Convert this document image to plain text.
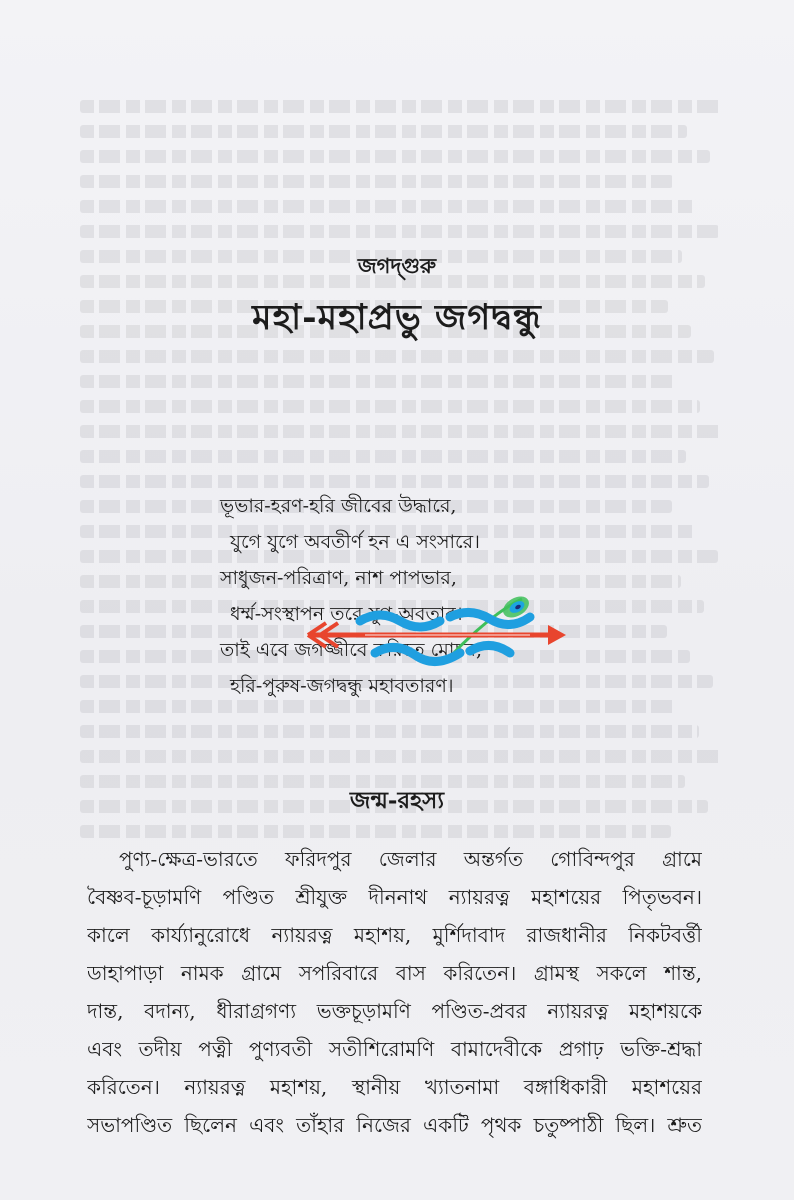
জগদ্গুরু
মহা-মহাপ্রভু জগদ্বন্ধু
ভূভার-হরণ-হরি জীবের উদ্ধারে,
যুগে যুগে অবতীর্ণ হন এ সংসারে।
সাধুজন-পরিত্রাণ, নাশ পাপভার,
ধর্ম্ম-সংস্থাপন তরে যুগ-অবতার।
তাই এবে জগজ্জীবে করিতে মোচন,
হরি-পুরুষ-জগদ্বন্ধু মহাবতারণ।
জন্ম-রহস্য
পুণ্য-ক্ষেত্র-ভারতে ফরিদপুর জেলার অন্তর্গত গোবিন্দপুর গ্রামে
বৈষ্ণব-চূড়ামণি পণ্ডিত শ্রীযুক্ত দীননাথ ন্যায়রত্ন মহাশয়ের পিতৃভবন।
কালে কার্য্যানুরোধে ন্যায়রত্ন মহাশয়, মুর্শিদাবাদ রাজধানীর নিকটবর্ত্তী
ডাহাপাড়া নামক গ্রামে সপরিবারে বাস করিতেন। গ্রামস্থ সকলে শান্ত,
দান্ত, বদান্য, ধীরাগ্রগণ্য ভক্তচূড়ামণি পণ্ডিত-প্রবর ন্যায়রত্ন মহাশয়কে
এবং তদীয় পত্নী পুণ্যবতী সতীশিরোমণি বামাদেবীকে প্রগাঢ় ভক্তি-শ্রদ্ধা
করিতেন। ন্যায়রত্ন মহাশয়, স্থানীয় খ্যাতনামা বঙ্গাধিকারী মহাশয়ের
সভাপণ্ডিত ছিলেন এবং তাঁহার নিজের একটি পৃথক চতুষ্পাঠী ছিল। শ্রুত
